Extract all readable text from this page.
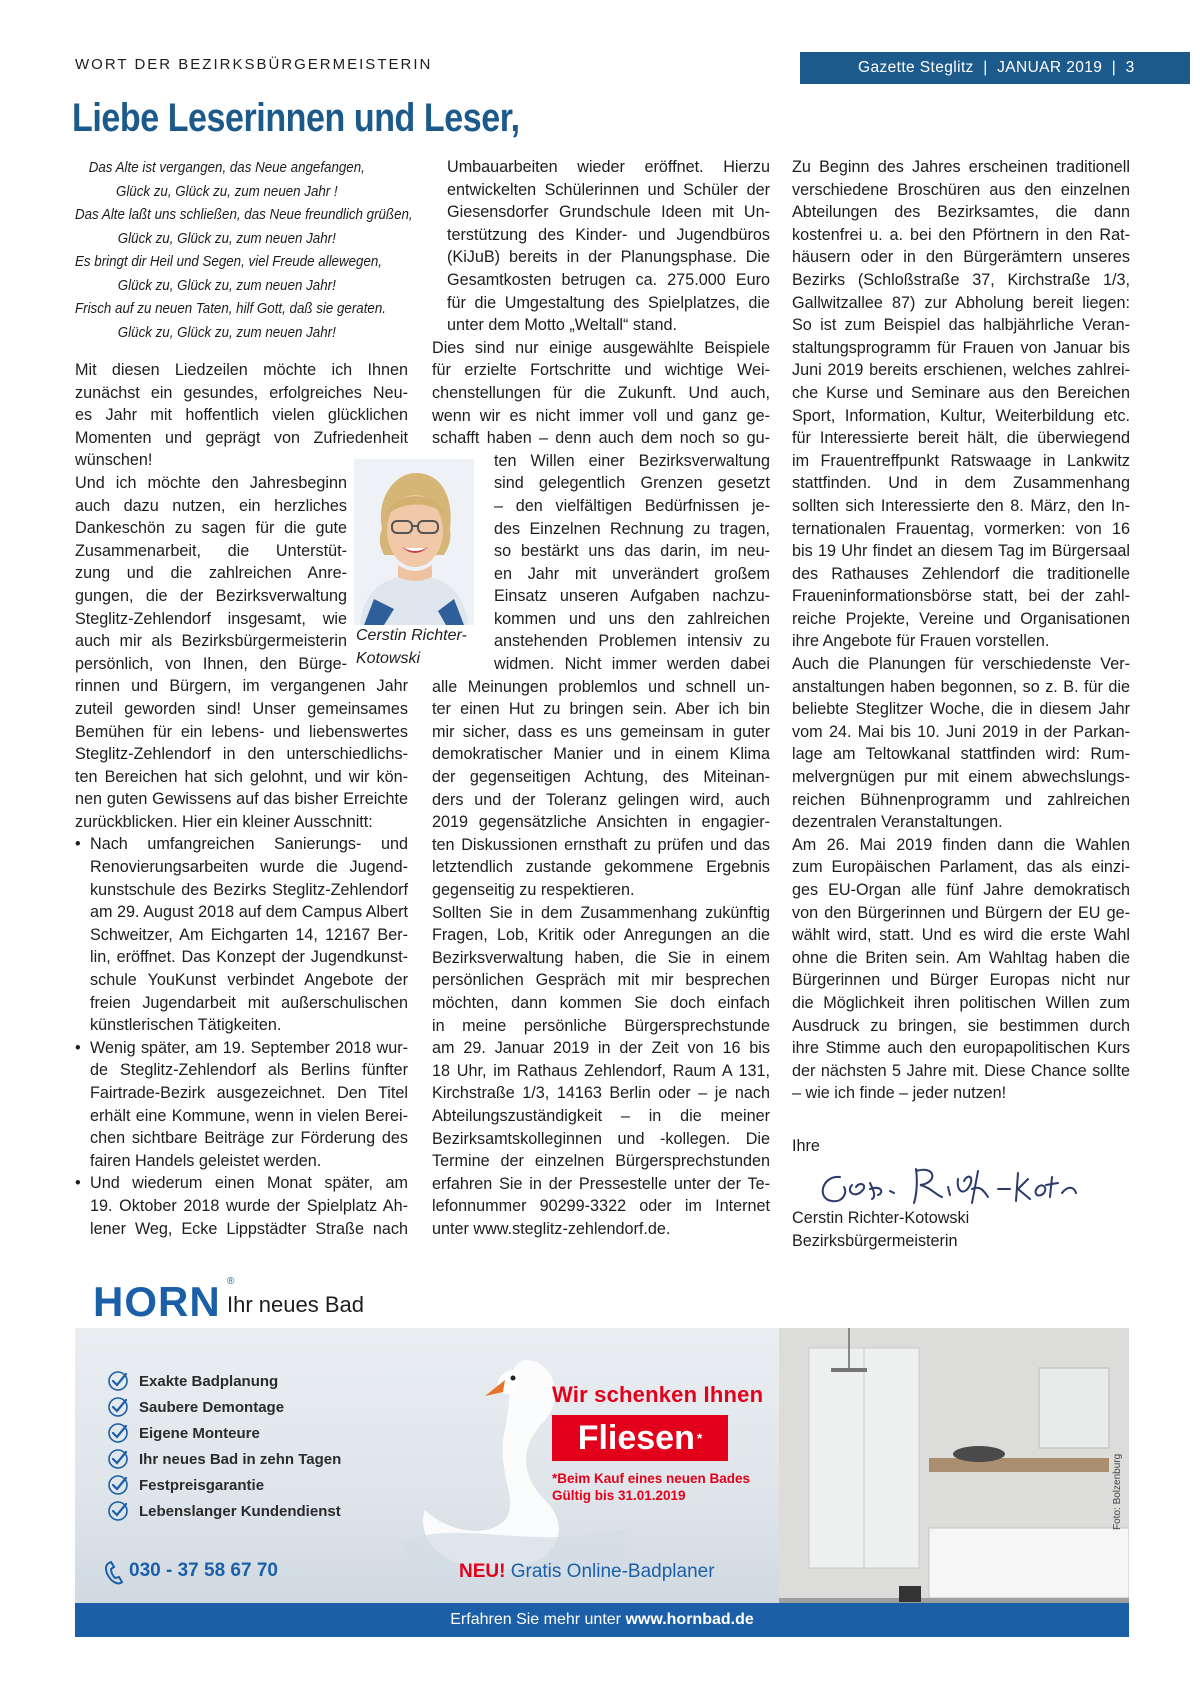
WORT DER BEZIRKSBÜRGERMEISTERIN	Gazette Steglitz
|
JANUAR 2019
|
3
Liebe Leserinnen und Leser,
Das Alte ist vergangen, das Neue angefangen,
Glück zu, Glück zu, zum neuen Jahr !
Das Alte laßt uns schließen, das Neue freundlich grüßen,
Glück zu, Glück zu, zum neuen Jahr!
Es bringt dir Heil und Segen, viel Freude allewegen,
Glück zu, Glück zu, zum neuen Jahr!
Frisch auf zu neuen Taten, hilf Gott, daß sie geraten.
Glück zu, Glück zu, zum neuen Jahr!
Mit diesen Liedzeilen möchte ich Ihnen
zunächst ein gesundes, erfolgreiches Neu-
es Jahr mit hoffentlich vielen glücklichen
Momenten und geprägt von Zufriedenheit
wünschen!
Und ich möchte den Jahresbeginn
auch dazu nutzen, ein herzliches
Dankeschön zu sagen für die gute
Zusammenarbeit, die Unterstüt-
zung und die zahlreichen Anre-
gungen, die der Bezirksverwaltung
Steglitz-Zehlendorf insgesamt, wie
auch mir als Bezirksbürgermeisterin
persönlich, von Ihnen, den Bürge-
rinnen und Bürgern, im vergangenen Jahr
zuteil geworden sind! Unser gemeinsames
Bemühen für ein lebens- und liebenswertes
Steglitz-Zehlendorf in den unterschiedlichs-
ten Bereichen hat sich gelohnt, und wir kön-
nen guten Gewissens auf das bisher Erreichte
zurückblicken. Hier ein kleiner Ausschnitt:
• Nach umfangreichen Sanierungs- und
Renovierungsarbeiten wurde die Jugend-
kunstschule des Bezirks Steglitz-Zehlendorf
am 29. August 2018 auf dem Campus Albert
Schweitzer, Am Eichgarten 14, 12167 Ber-
lin, eröffnet. Das Konzept der Jugendkunst-
schule YouKunst verbindet Angebote der
freien Jugendarbeit mit außerschulischen
künstlerischen Tätigkeiten.
• Wenig später, am 19. September 2018 wur-
de Steglitz-Zehlendorf als Berlins fünfter
Fairtrade-Bezirk ausgezeichnet. Den Titel
erhält eine Kommune, wenn in vielen Berei-
chen sichtbare Beiträge zur Förderung des
fairen Handels geleistet werden.
• Und wiederum einen Monat später, am
19. Oktober 2018 wurde der Spielplatz Ah-
lener Weg, Ecke Lippstädter Straße nach
Cerstin Richter-
Kotowski
Umbauarbeiten wieder eröffnet. Hierzu
entwickelten Schülerinnen und Schüler der
Giesensdorfer Grundschule Ideen mit Un-
terstützung des Kinder- und Jugendbüros
(KiJuB) bereits in der Planungsphase. Die
Gesamtkosten betrugen ca. 275.000 Euro
für die Umgestaltung des Spielplatzes, die
unter dem Motto „Weltall“ stand.
Dies sind nur einige ausgewählte Beispiele
für erzielte Fortschritte und wichtige Wei-
chenstellungen für die Zukunft. Und auch,
wenn wir es nicht immer voll und ganz ge-
schafft haben – denn auch dem noch so gu-
ten Willen einer Bezirksverwaltung
sind gelegentlich Grenzen gesetzt
– den vielfältigen Bedürfnissen je-
des Einzelnen Rechnung zu tragen,
so bestärkt uns das darin, im neu-
en Jahr mit unverändert großem
Einsatz unseren Aufgaben nachzu-
kommen und uns den zahlreichen
anstehenden Problemen intensiv zu
widmen. Nicht immer werden dabei
alle Meinungen problemlos und schnell un-
ter einen Hut zu bringen sein. Aber ich bin
mir sicher, dass es uns gemeinsam in guter
demokratischer Manier und in einem Klima
der gegenseitigen Achtung, des Miteinan-
ders und der Toleranz gelingen wird, auch
2019 gegensätzliche Ansichten in engagier-
ten Diskussionen ernsthaft zu prüfen und das
letztendlich zustande gekommene Ergebnis
gegenseitig zu respektieren.
Sollten Sie in dem Zusammenhang zukünftig
Fragen, Lob, Kritik oder Anregungen an die
Bezirksverwaltung haben, die Sie in einem
persönlichen Gespräch mit mir besprechen
möchten, dann kommen Sie doch einfach
in meine persönliche Bürgersprechstunde
am 29. Januar 2019 in der Zeit von 16 bis
18 Uhr, im Rathaus Zehlendorf, Raum A 131,
Kirchstraße 1/3, 14163 Berlin oder – je nach
Abteilungszuständigkeit – in die meiner
Bezirksamtskolleginnen und -kollegen. Die
Termine der einzelnen Bürgersprechstunden
erfahren Sie in der Pressestelle unter der Te-
lefonnummer 90299-3322 oder im Internet
unter www.steglitz-zehlendorf.de.
Zu Beginn des Jahres erscheinen traditionell
verschiedene Broschüren aus den einzelnen
Abteilungen des Bezirksamtes, die dann
kostenfrei u. a. bei den Pförtnern in den Rat-
häusern oder in den Bürgerämtern unseres
Bezirks (Schloßstraße 37, Kirchstraße 1/3,
Gallwitzallee 87) zur Abholung bereit liegen:
So ist zum Beispiel das halbjährliche Veran-
staltungsprogramm für Frauen von Januar bis
Juni 2019 bereits erschienen, welches zahlrei-
che Kurse und Seminare aus den Bereichen
Sport, Information, Kultur, Weiterbildung etc.
für Interessierte bereit hält, die überwiegend
im Frauentreffpunkt Ratswaage in Lankwitz
stattfinden. Und in dem Zusammenhang
sollten sich Interessierte den 8. März, den In-
ternationalen Frauentag, vormerken: von 16
bis 19 Uhr findet an diesem Tag im Bürgersaal
des Rathauses Zehlendorf die traditionelle
Fraueninformationsbörse statt, bei der zahl-
reiche Projekte, Vereine und Organisationen
ihre Angebote für Frauen vorstellen.
Auch die Planungen für verschiedenste Ver-
anstaltungen haben begonnen, so z. B. für die
beliebte Steglitzer Woche, die in diesem Jahr
vom 24. Mai bis 10. Juni 2019 in der Parkan-
lage am Teltowkanal stattfinden wird: Rum-
melvergnügen pur mit einem abwechslungs-
reichen Bühnenprogramm und zahlreichen
dezentralen Veranstaltungen.
Am 26. Mai 2019 finden dann die Wahlen
zum Europäischen Parlament, das als einzi-
ges EU-Organ alle fünf Jahre demokratisch
von den Bürgerinnen und Bürgern der EU ge-
wählt wird, statt. Und es wird die erste Wahl
ohne die Briten sein. Am Wahltag haben die
Bürgerinnen und Bürger Europas nicht nur
die Möglichkeit ihren politischen Willen zum
Ausdruck zu bringen, sie bestimmen durch
ihre Stimme auch den europapolitischen Kurs
der nächsten 5 Jahre mit. Diese Chance sollte
– wie ich finde – jeder nutzen!
Ihre
Cerstin Richter-Kotowski
Bezirksbürgermeisterin
HORN ®
Ihr neues Bad
Exakte Badplanung
Saubere Demontage
Eigene Monteure
Ihr neues Bad in zehn Tagen
Festpreisgarantie
Lebenslanger Kundendienst
Wir schenken Ihnen
Fliesen *
*Beim Kauf eines neuen Bades
Gültig bis 31.01.2019	Foto: Bolzenburg
030 - 37 58 67 70	NEU! Gratis Online-Badplaner
Erfahren Sie mehr unter www.hornbad.de
